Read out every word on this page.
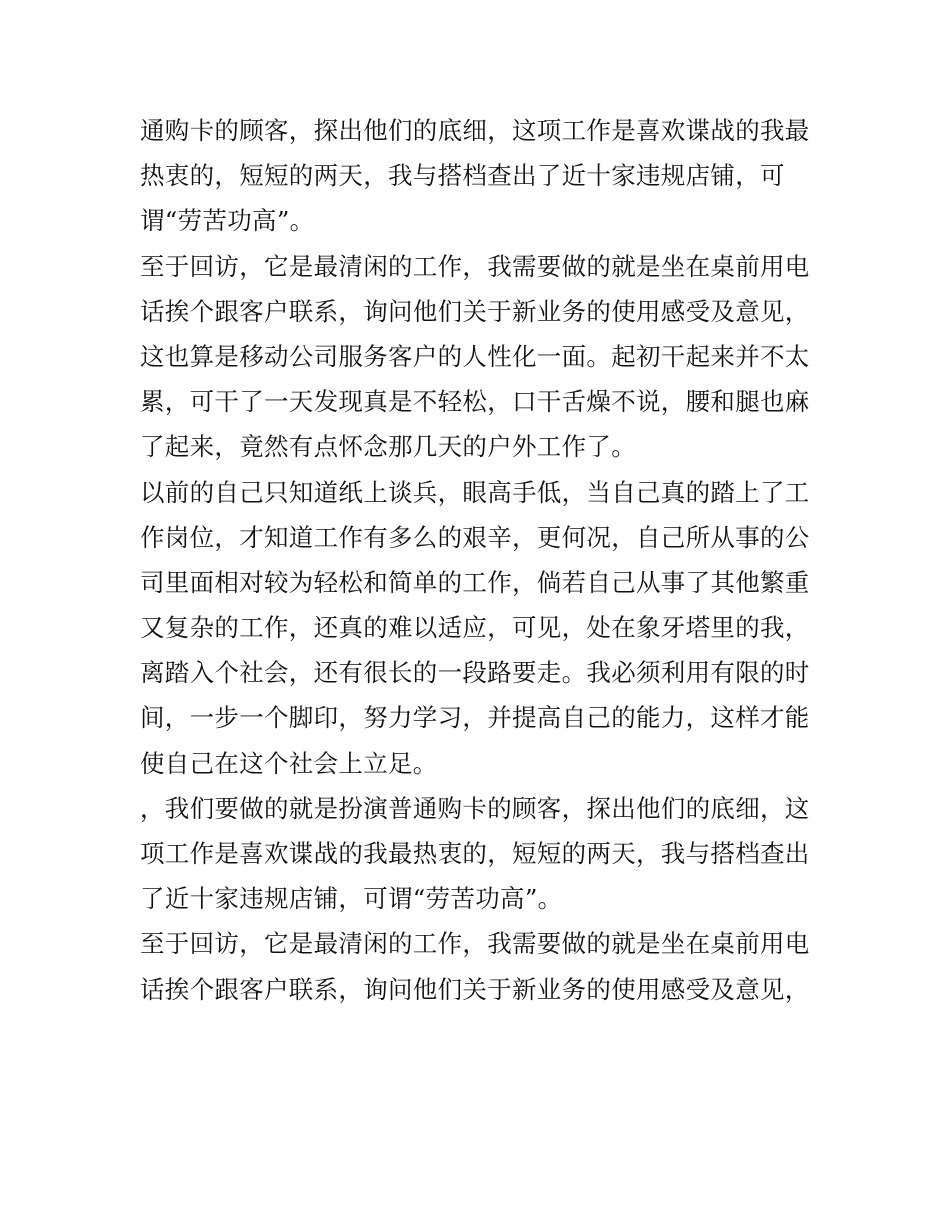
通购卡的顾客，探出他们的底细，这项工作是喜欢谍战的我最
热衷的，短短的两天，我与搭档查出了近十家违规店铺，可
谓“劳苦功高”。
至于回访，它是最清闲的工作，我需要做的就是坐在桌前用电
话挨个跟客户联系，询问他们关于新业务的使用感受及意见，
这也算是移动公司服务客户的人性化一面。起初干起来并不太
累，可干了一天发现真是不轻松，口干舌燥不说，腰和腿也麻
了起来，竟然有点怀念那几天的户外工作了。
以前的自己只知道纸上谈兵，眼高手低，当自己真的踏上了工
作岗位，才知道工作有多么的艰辛，更何况，自己所从事的公
司里面相对较为轻松和简单的工作，倘若自己从事了其他繁重
又复杂的工作，还真的难以适应，可见，处在象牙塔里的我，
离踏入个社会，还有很长的一段路要走。我必须利用有限的时
间，一步一个脚印，努力学习，并提高自己的能力，这样才能
使自己在这个社会上立足。
，我们要做的就是扮演普通购卡的顾客，探出他们的底细，这
项工作是喜欢谍战的我最热衷的，短短的两天，我与搭档查出
了近十家违规店铺，可谓“劳苦功高”。
至于回访，它是最清闲的工作，我需要做的就是坐在桌前用电
话挨个跟客户联系，询问他们关于新业务的使用感受及意见，
